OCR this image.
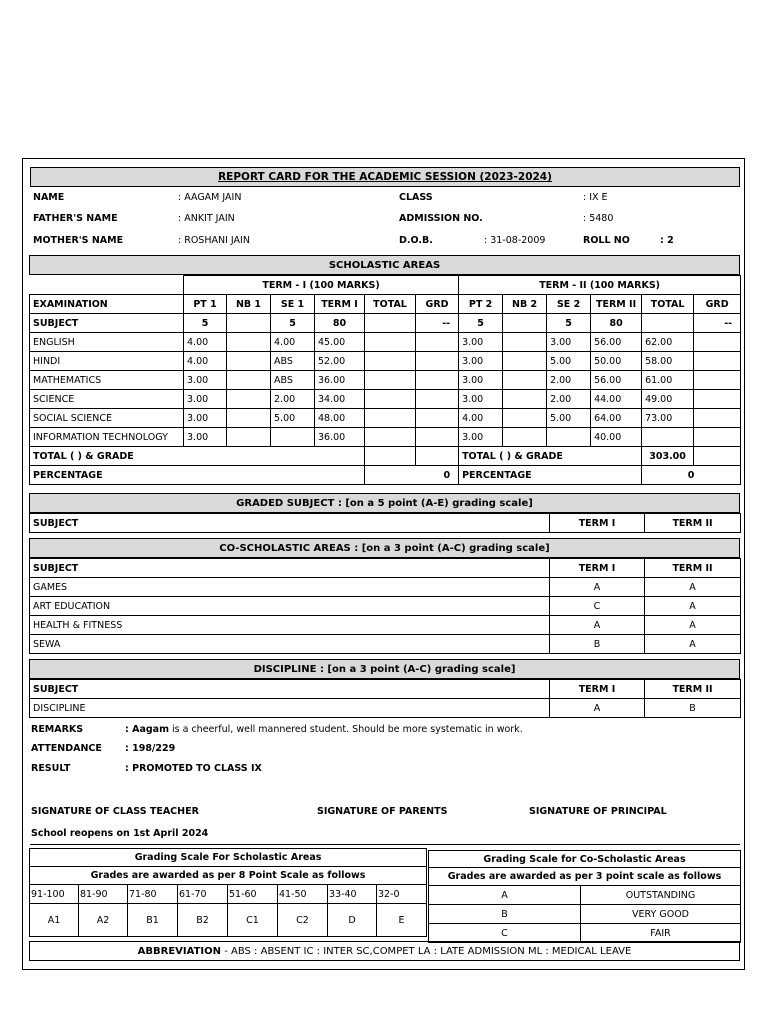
REPORT CARD FOR THE ACADEMIC SESSION (2023-2024)
NAME	: AAGAM JAIN	CLASS	: IX E
FATHER'S NAME	: ANKIT JAIN	ADMISSION NO.	: 5480
MOTHER'S NAME	: ROSHANI JAIN	D.O.B.	: 31-08-2009	ROLL NO	: 2
SCHOLASTIC AREAS
	TERM - I (100 MARKS)						TERM - II (100 MARKS)					
EXAMINATION	PT 1	NB 1	SE 1	TERM I	TOTAL	GRD	PT 2	NB 2	SE 2	TERM II	TOTAL	GRD
SUBJECT	5		5	80		--	5		5	80		--
ENGLISH	4.00		4.00	45.00			3.00		3.00	56.00	62.00	
HINDI	4.00		ABS	52.00			3.00		5.00	50.00	58.00	
MATHEMATICS	3.00		ABS	36.00			3.00		2.00	56.00	61.00	
SCIENCE	3.00		2.00	34.00			3.00		2.00	44.00	49.00	
SOCIAL SCIENCE	3.00		5.00	48.00			4.00		5.00	64.00	73.00	
INFORMATION TECHNOLOGY	3.00			36.00			3.00			40.00		
TOTAL ( ) & GRADE							TOTAL ( ) & GRADE				303.00	
PERCENTAGE					0		PERCENTAGE				0	
GRADED SUBJECT : [on a 5 point (A-E) grading scale]
SUBJECT	TERM I	TERM II
CO-SCHOLASTIC AREAS : [on a 3 point (A-C) grading scale]
SUBJECT	TERM I	TERM II
GAMES	A	A
ART EDUCATION	C	A
HEALTH & FITNESS	A	A
SEWA	B	A
DISCIPLINE : [on a 3 point (A-C) grading scale]
SUBJECT	TERM I	TERM II
DISCIPLINE	A	B
REMARKS	: Aagam is a cheerful, well mannered student. Should be more systematic in work.
ATTENDANCE : 198/229
RESULT	: PROMOTED TO CLASS IX
SIGNATURE OF CLASS TEACHER	SIGNATURE OF PARENTS	SIGNATURE OF PRINCIPAL
School reopens on 1st April 2024
Grading Scale For Scholastic Areas							
Grades are awarded as per 8 Point Scale as follows							
91-100	81-90	71-80	61-70	51-60	41-50	33-40	32-0
A1	A2	B1	B2	C1	C2	D	E
Grading Scale for Co-Scholastic Areas	
Grades are awarded as per 3 point scale as follows	
A	OUTSTANDING
B	VERY GOOD
C	FAIR
ABBREVIATION - ABS : ABSENT IC : INTER SC,COMPET LA : LATE ADMISSION ML : MEDICAL LEAVE
